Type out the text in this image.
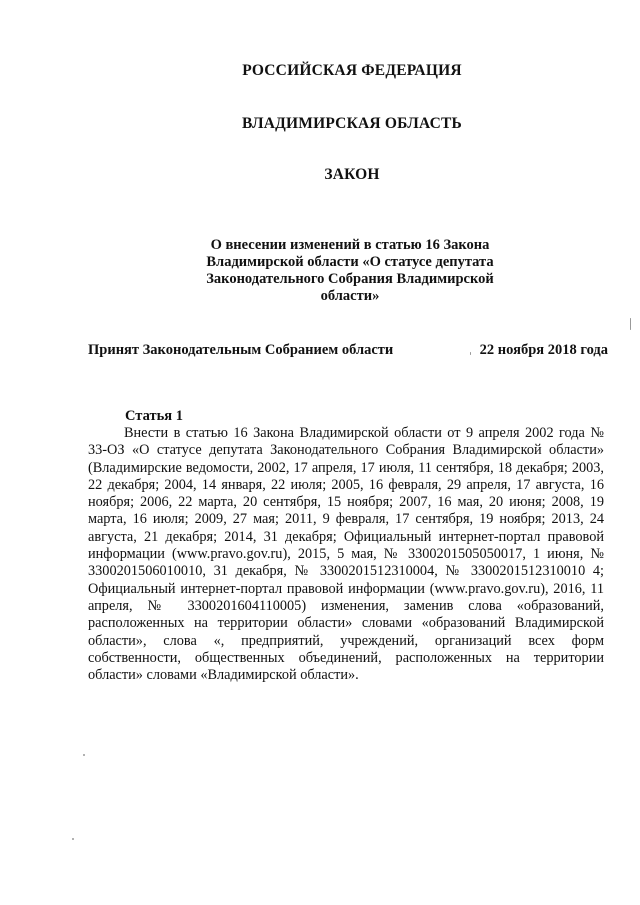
РОССИЙСКАЯ ФЕДЕРАЦИЯ
ВЛАДИМИРСКАЯ ОБЛАСТЬ
ЗАКОН
О внесении изменений в статью 16 Закона
Владимирской области «О статусе депутата
Законодательного Собрания Владимирской
области»
Принят Законодательным Собранием области	22 ноября 2018 года
Статья 1
Внести в статью 16 Закона Владимирской области от 9 апреля 2002 года № 33-ОЗ «О статусе депутата Законодательного Собрания Владимирской области» (Владимирские ведомости, 2002, 17 апреля, 17 июля, 11 сентября, 18 декабря; 2003, 22 декабря; 2004, 14 января, 22 июля; 2005, 16 февраля, 29 апреля, 17 августа, 16 ноября; 2006, 22 марта, 20 сентября, 15 ноября; 2007, 16 мая, 20 июня; 2008, 19 марта, 16 июля; 2009, 27 мая; 2011, 9 февраля, 17 сентября, 19 ноября; 2013, 24 августа, 21 декабря; 2014, 31 декабря; Официальный интернет-портал правовой информации (www.pravo.gov.ru), 2015, 5 мая, № 3300201505050017, 1 июня, № 3300201506010010, 31 декабря, № 3300201512310004, № 3300201512310010 4; Официальный интернет-портал правовой информации (www.pravo.gov.ru), 2016, 11 апреля, № 3300201604110005) изменения, заменив слова «образований, расположенных на территории области» словами «образований Владимирской области», слова «, предприятий, учреждений, организаций всех форм собственности, общественных объединений, расположенных на территории области» словами «Владимирской области».
